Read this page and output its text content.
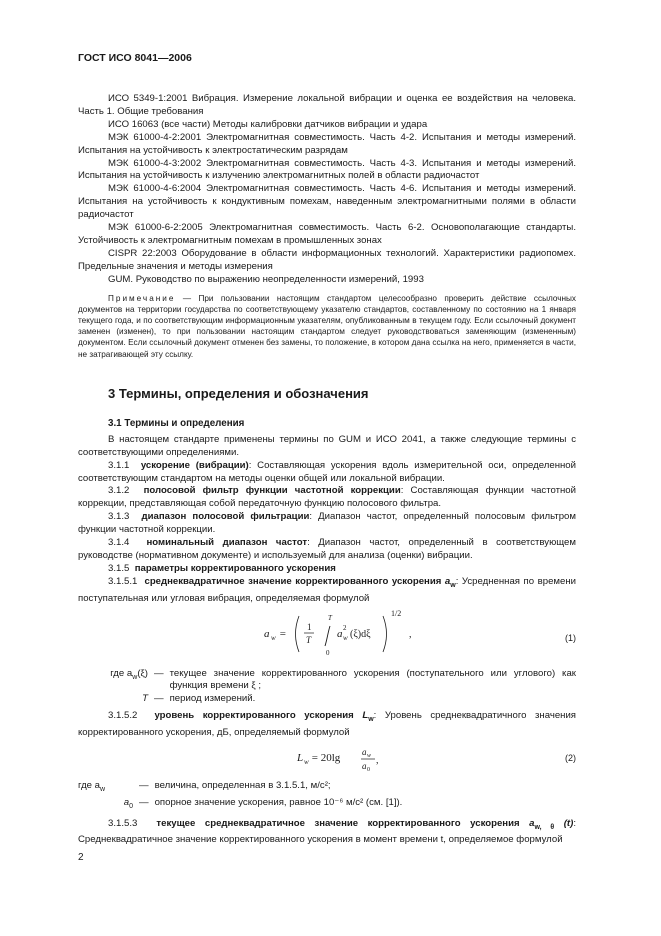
ГОСТ ИСО 8041—2006

ИСО 5349-1:2001 Вибрация. Измерение локальной вибрации и оценка ее воздействия на человека. Часть 1. Общие требования

ИСО 16063 (все части) Методы калибровки датчиков вибрации и удара

МЭК 61000-4-2:2001 Электромагнитная совместимость. Часть 4-2. Испытания и методы измерений. Испытания на устойчивость к электростатическим разрядам

МЭК 61000-4-3:2002 Электромагнитная совместимость. Часть 4-3. Испытания и методы измерений. Испытания на устойчивость к излучению электромагнитных полей в области радиочастот

МЭК 61000-4-6:2004 Электромагнитная совместимость. Часть 4-6. Испытания и методы измерений. Испытания на устойчивость к кондуктивным помехам, наведенным электромагнитными полями в области радиочастот

МЭК 61000-6-2:2005 Электромагнитная совместимость. Часть 6-2. Основополагающие стандарты. Устойчивость к электромагнитным помехам в промышленных зонах

CISPR 22:2003 Оборудование в области информационных технологий. Характеристики радиопомех. Предельные значения и методы измерения

GUM. Руководство по выражению неопределенности измерений, 1993

Примечание — При пользовании настоящим стандартом целесообразно проверить действие ссылочных документов на территории государства по соответствующему указателю стандартов, составленному по состоянию на 1 января текущего года, и по соответствующим информационным указателям, опубликованным в текущем году. Если ссылочный документ заменен (изменен), то при пользовании настоящим стандартом следует руководствоваться заменяющим (измененным) документом. Если ссылочный документ отменен без замены, то положение, в котором дана ссылка на него, применяется в части, не затрагивающей эту ссылку.

3 Термины, определения и обозначения
3.1 Термины и определения

В настоящем стандарте применены термины по GUM и ИСО 2041, а также следующие термины с соответствующими определениями.

3.1.1 ускорение (вибрации): Составляющая ускорения вдоль измерительной оси, определенной соответствующим стандартом на методы оценки общей или локальной вибрации.

3.1.2 полосовой фильтр функции частотной коррекции: Составляющая функции частотной коррекции, представляющая собой передаточную функцию полосового фильтра.

3.1.3 диапазон полосовой фильтрации: Диапазон частот, определенный полосовым фильтром функции частотной коррекции.

3.1.4 номинальный диапазон частот: Диапазон частот, определенный в соответствующем руководстве (нормативном документе) и используемый для анализа (оценки) вибрации.

3.1.5 параметры корректированного ускорения

3.1.5.1 среднеквадратичное значение корректированного ускорения $a_w$: Усредненная по времени поступательная или угловая вибрация, определяемая формулой

a w =
1
T
T
0
a w
2
(ξ)dξ
1/2
,	(1)
где $a_w(\xi)$ — текущее значение корректированного ускорения (поступательного или углового) как функция времени ξ ;
T — период измерений.

3.1.5.2 уровень корректированного ускорения $L_w$: Уровень среднеквадратичного значения корректированного ускорения, дБ, определяемый формулой

L w = 20lg a w
a 0
,	(2)
где $a_w$	— величина, определенная в 3.1.5.1, м/с²;
$a_0$ — опорное значение ускорения, равное 10⁻⁶ м/с² (см. [1]).

3.1.5.3 текущее среднеквадратичное значение корректированного ускорения $a_{w, \theta}$ (t): Среднеквадратичное значение корректированного ускорения в момент времени t, определяемое формулой

2
